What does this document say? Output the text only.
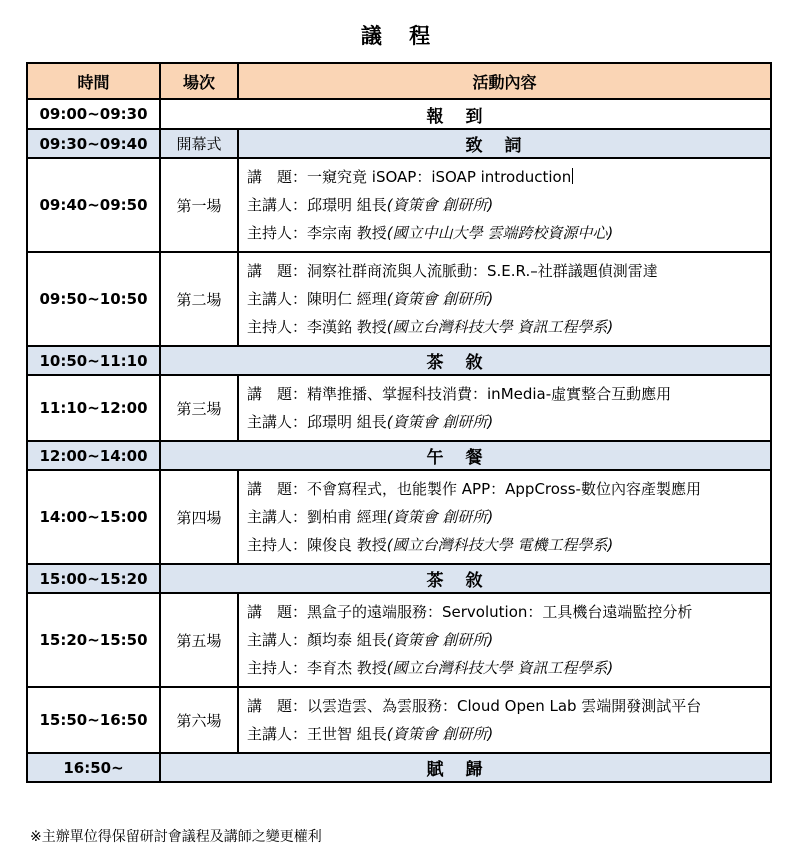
議 程
時間	場次	活動內容
09:00~09:30	報到	
09:30~09:40	開幕式	致詞
09:40~09:50	第一場	講　題：一窺究竟 iSOAP：iSOAP introduction
主講人：邱璟明 組長(資策會 創研所)
主持人：李宗南 教授(國立中山大學 雲端跨校資源中心)

09:50~10:50	第二場	講　題：洞察社群商流與人流脈動：S.E.R.–社群議題偵測雷達
主講人：陳明仁 經理(資策會 創研所)
主持人：李漢銘 教授(國立台灣科技大學 資訊工程學系)

10:50~11:10	茶敘	
11:10~12:00	第三場	講　題：精準推播、掌握科技消費：inMedia-虛實整合互動應用
主講人：邱璟明 組長(資策會 創研所)

12:00~14:00	午餐	
14:00~15:00	第四場	講　題：不會寫程式，也能製作 APP：AppCross-數位內容產製應用
主講人：劉柏甫 經理(資策會 創研所)
主持人：陳俊良 教授(國立台灣科技大學 電機工程學系)

15:00~15:20	茶敘	
15:20~15:50	第五場	講　題：黑盒子的遠端服務：Servolution：工具機台遠端監控分析
主講人：顏均泰 組長(資策會 創研所)
主持人：李育杰 教授(國立台灣科技大學 資訊工程學系)

15:50~16:50	第六場	講　題：以雲造雲、為雲服務：Cloud Open Lab 雲端開發測試平台
主講人：王世智 組長(資策會 創研所)

16:50~	賦歸	
※主辦單位得保留研討會議程及講師之變更權利
